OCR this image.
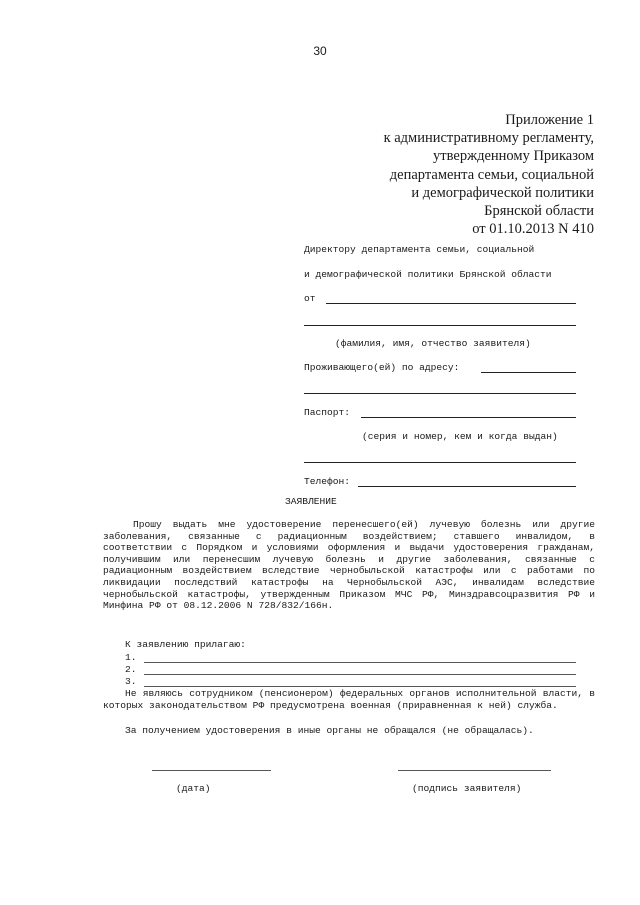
30
Приложение 1
к административному регламенту,
утвержденному Приказом
департамента семьи, социальной
и демографической политики
Брянской области
от 01.10.2013 N 410
Директору департамента семьи, социальной
и демографической политики Брянской области
от
(фамилия, имя, отчество заявителя)
Проживающего(ей) по адресу:
Паспорт:
(серия и номер, кем и когда выдан)
Телефон:
ЗАЯВЛЕНИЕ

Прошу выдать мне удостоверение перенесшего(ей) лучевую болезнь или другие заболевания, связанные с радиационным воздействием; ставшего инвалидом, в соответствии с Порядком и условиями оформления и выдачи удостоверения гражданам, получившим или перенесшим лучевую болезнь и другие заболевания, связанные с радиационным воздействием вследствие чернобыльской катастрофы или с работами по ликвидации последствий катастрофы на Чернобыльской АЭС, инвалидам вследствие чернобыльской катастрофы, утвержденным Приказом МЧС РФ, Минздравсоцразвития РФ и Минфина РФ от 08.12.2006 N 728/832/166н.

К заявлению прилагаю:
1.
2.
3.

Не являюсь сотрудником (пенсионером) федеральных органов исполнительной власти, в которых законодательством РФ предусмотрена военная (приравненная к ней) служба.

За получением удостоверения в иные органы не обращался (не обращалась).
(дата)	(подпись заявителя)
